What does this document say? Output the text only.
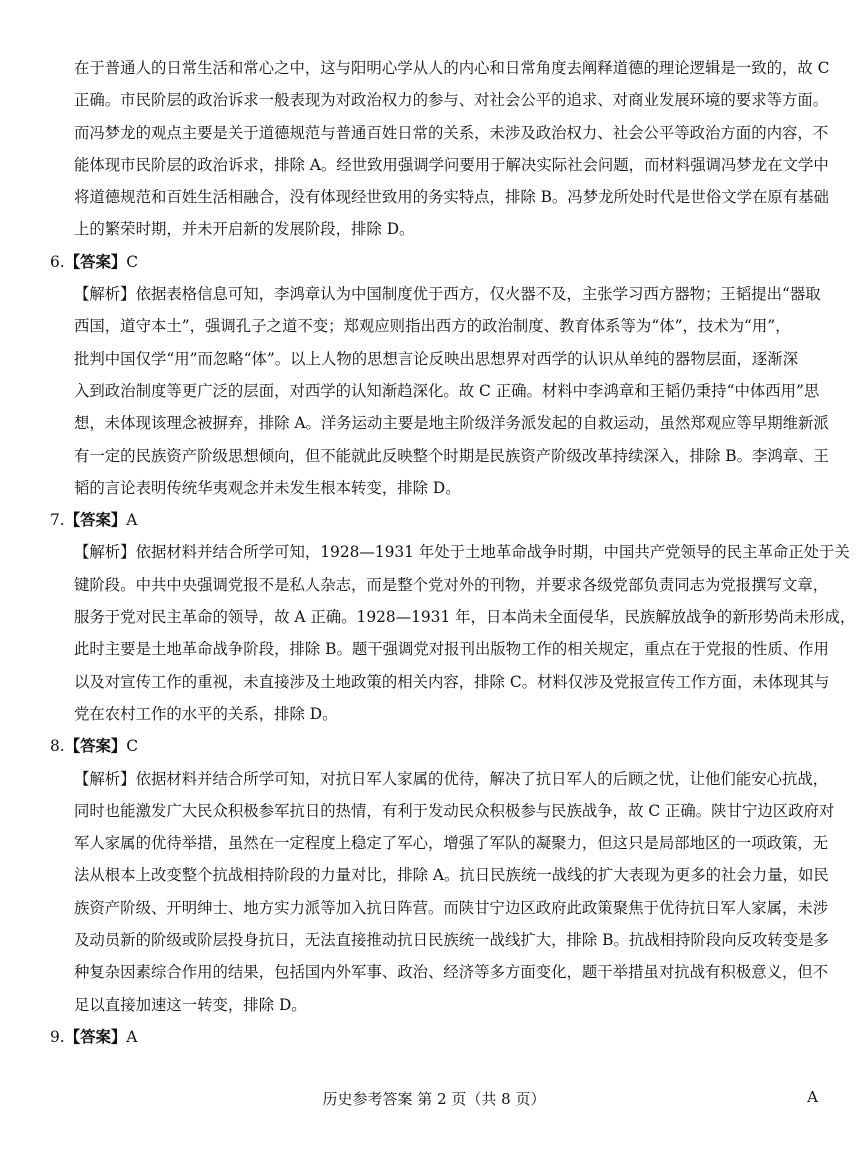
在于普通人的日常生活和常心之中，这与阳明心学从人的内心和日常角度去阐释道德的理论逻辑是一致的，故 C
正确。市民阶层的政治诉求一般表现为对政治权力的参与、对社会公平的追求、对商业发展环境的要求等方面。
而冯梦龙的观点主要是关于道德规范与普通百姓日常的关系，未涉及政治权力、社会公平等政治方面的内容，不
能体现市民阶层的政治诉求，排除 A。经世致用强调学问要用于解决实际社会问题，而材料强调冯梦龙在文学中
将道德规范和百姓生活相融合，没有体现经世致用的务实特点，排除 B。冯梦龙所处时代是世俗文学在原有基础
上的繁荣时期，并未开启新的发展阶段，排除 D。
6.【答案】C
【解析】依据表格信息可知，李鸿章认为中国制度优于西方，仅火器不及，主张学习西方器物；王韬提出“器取
西国，道守本土”，强调孔子之道不变；郑观应则指出西方的政治制度、教育体系等为“体”，技术为“用”，
批判中国仅学“用”而忽略“体”。以上人物的思想言论反映出思想界对西学的认识从单纯的器物层面，逐渐深
入到政治制度等更广泛的层面，对西学的认知渐趋深化。故 C 正确。材料中李鸿章和王韬仍秉持“中体西用”思
想，未体现该理念被摒弃，排除 A。洋务运动主要是地主阶级洋务派发起的自救运动，虽然郑观应等早期维新派
有一定的民族资产阶级思想倾向，但不能就此反映整个时期是民族资产阶级改革持续深入，排除 B。李鸿章、王
韬的言论表明传统华夷观念并未发生根本转变，排除 D。
7.【答案】A
【解析】依据材料并结合所学可知，1928—1931 年处于土地革命战争时期，中国共产党领导的民主革命正处于关
键阶段。中共中央强调党报不是私人杂志，而是整个党对外的刊物，并要求各级党部负责同志为党报撰写文章，
服务于党对民主革命的领导，故 A 正确。1928—1931 年，日本尚未全面侵华，民族解放战争的新形势尚未形成，
此时主要是土地革命战争阶段，排除 B。题干强调党对报刊出版物工作的相关规定，重点在于党报的性质、作用
以及对宣传工作的重视，未直接涉及土地政策的相关内容，排除 C。材料仅涉及党报宣传工作方面，未体现其与
党在农村工作的水平的关系，排除 D。
8.【答案】C
【解析】依据材料并结合所学可知，对抗日军人家属的优待，解决了抗日军人的后顾之忧，让他们能安心抗战，
同时也能激发广大民众积极参军抗日的热情，有利于发动民众积极参与民族战争，故 C 正确。陕甘宁边区政府对
军人家属的优待举措，虽然在一定程度上稳定了军心，增强了军队的凝聚力，但这只是局部地区的一项政策，无
法从根本上改变整个抗战相持阶段的力量对比，排除 A。抗日民族统一战线的扩大表现为更多的社会力量，如民
族资产阶级、开明绅士、地方实力派等加入抗日阵营。而陕甘宁边区政府此政策聚焦于优待抗日军人家属，未涉
及动员新的阶级或阶层投身抗日，无法直接推动抗日民族统一战线扩大，排除 B。抗战相持阶段向反攻转变是多
种复杂因素综合作用的结果，包括国内外军事、政治、经济等多方面变化，题干举措虽对抗战有积极意义，但不
足以直接加速这一转变，排除 D。
9.【答案】A
历史参考答案 第 2 页（共 8 页）	A
